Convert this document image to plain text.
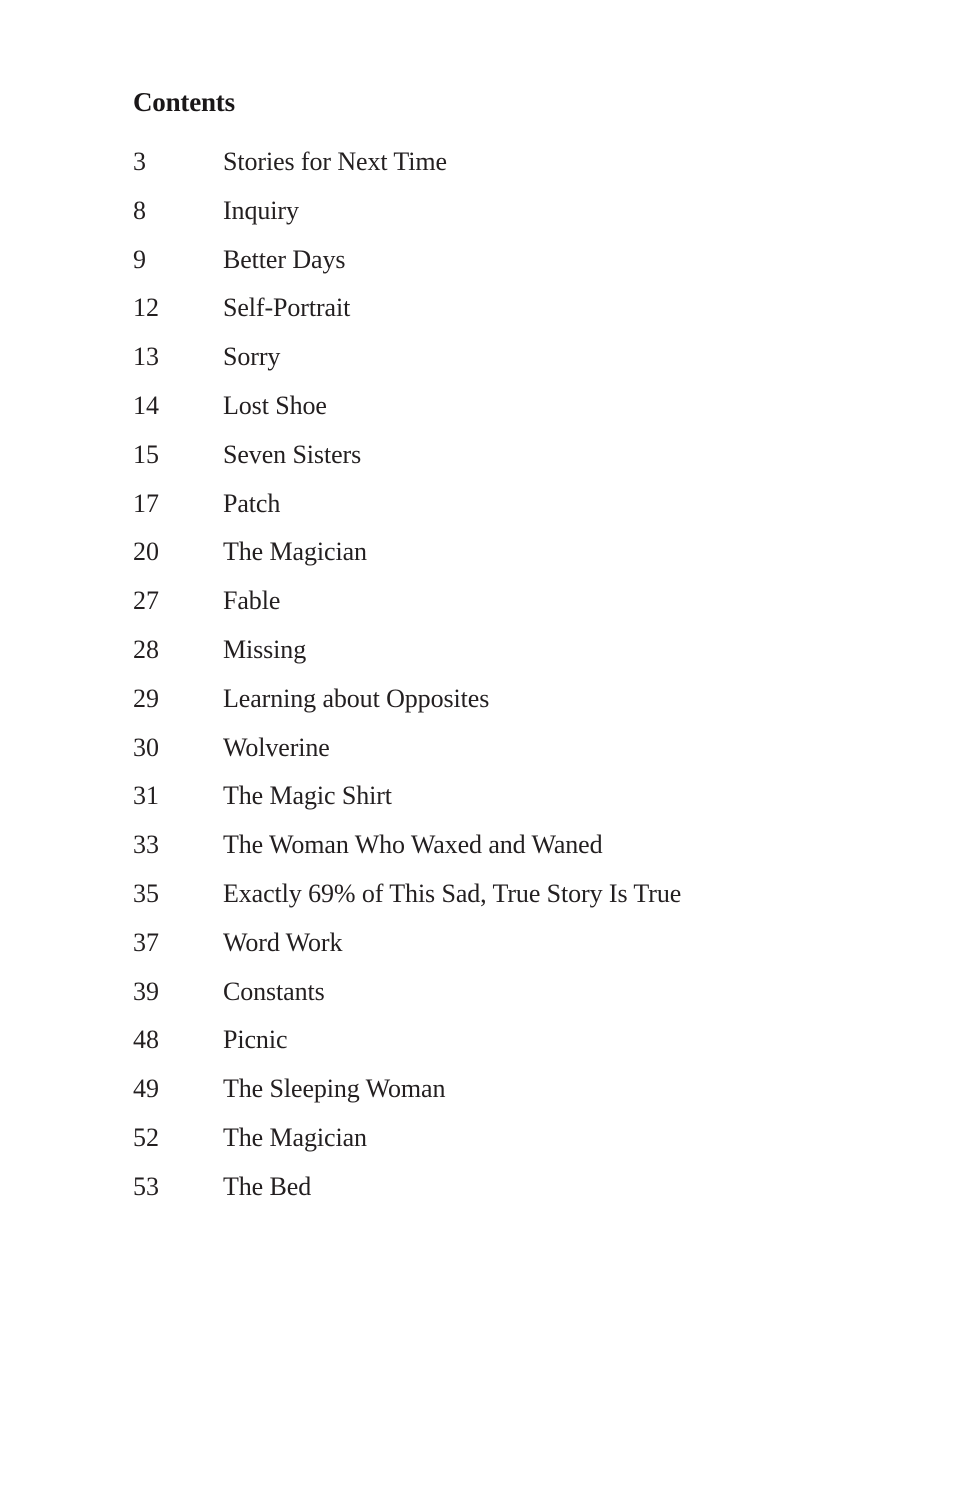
Contents
3	Stories for Next Time
8	Inquiry
9	Better Days
12	Self-Portrait
13	Sorry
14	Lost Shoe
15	Seven Sisters
17	Patch
20	The Magician
27	Fable
28	Missing
29	Learning about Opposites
30	Wolverine
31	The Magic Shirt
33	The Woman Who Waxed and Waned
35	Exactly 69% of This Sad, True Story Is True
37	Word Work
39	Constants
48	Picnic
49	The Sleeping Woman
52	The Magician
53	The Bed
